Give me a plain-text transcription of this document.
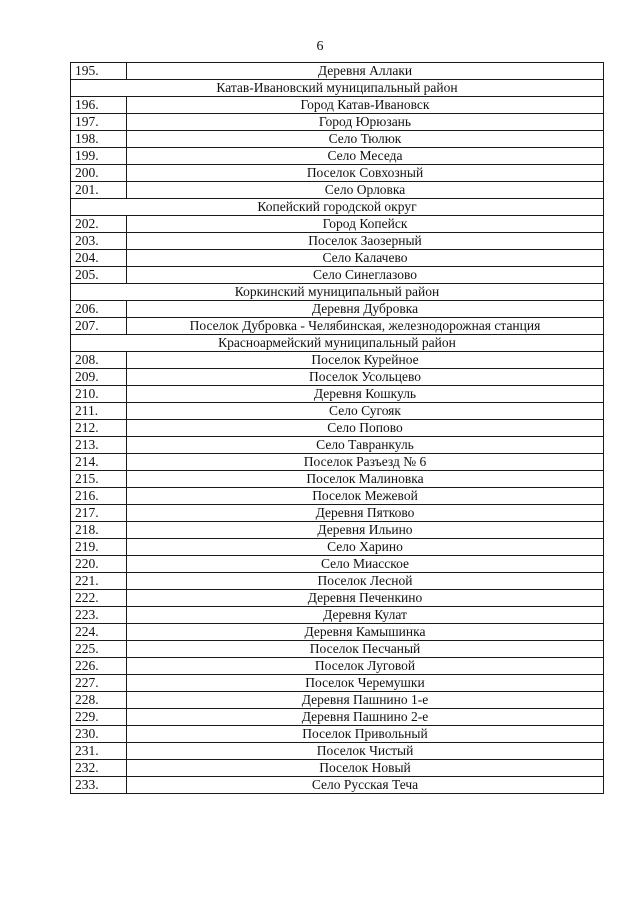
6
195.	Деревня Аллаки
Катав-Ивановский муниципальный район	
196.	Город Катав-Ивановск
197.	Город Юрюзань
198.	Село Тюлюк
199.	Село Меседа
200.	Поселок Совхозный
201.	Село Орловка
Копейский городской округ	
202.	Город Копейск
203.	Поселок Заозерный
204.	Село Калачево
205.	Село Синеглазово
Коркинский муниципальный район	
206.	Деревня Дубровка
207.	Поселок Дубровка - Челябинская, железнодорожная станция
Красноармейский муниципальный район	
208.	Поселок Курейное
209.	Поселок Усольцево
210.	Деревня Кошкуль
211.	Село Сугояк
212.	Село Попово
213.	Село Тавранкуль
214.	Поселок Разъезд № 6
215.	Поселок Малиновка
216.	Поселок Межевой
217.	Деревня Пятково
218.	Деревня Ильино
219.	Село Харино
220.	Село Миасское
221.	Поселок Лесной
222.	Деревня Печенкино
223.	Деревня Кулат
224.	Деревня Камышинка
225.	Поселок Песчаный
226.	Поселок Луговой
227.	Поселок Черемушки
228.	Деревня Пашнино 1-е
229.	Деревня Пашнино 2-е
230.	Поселок Привольный
231.	Поселок Чистый
232.	Поселок Новый
233.	Село Русская Теча
